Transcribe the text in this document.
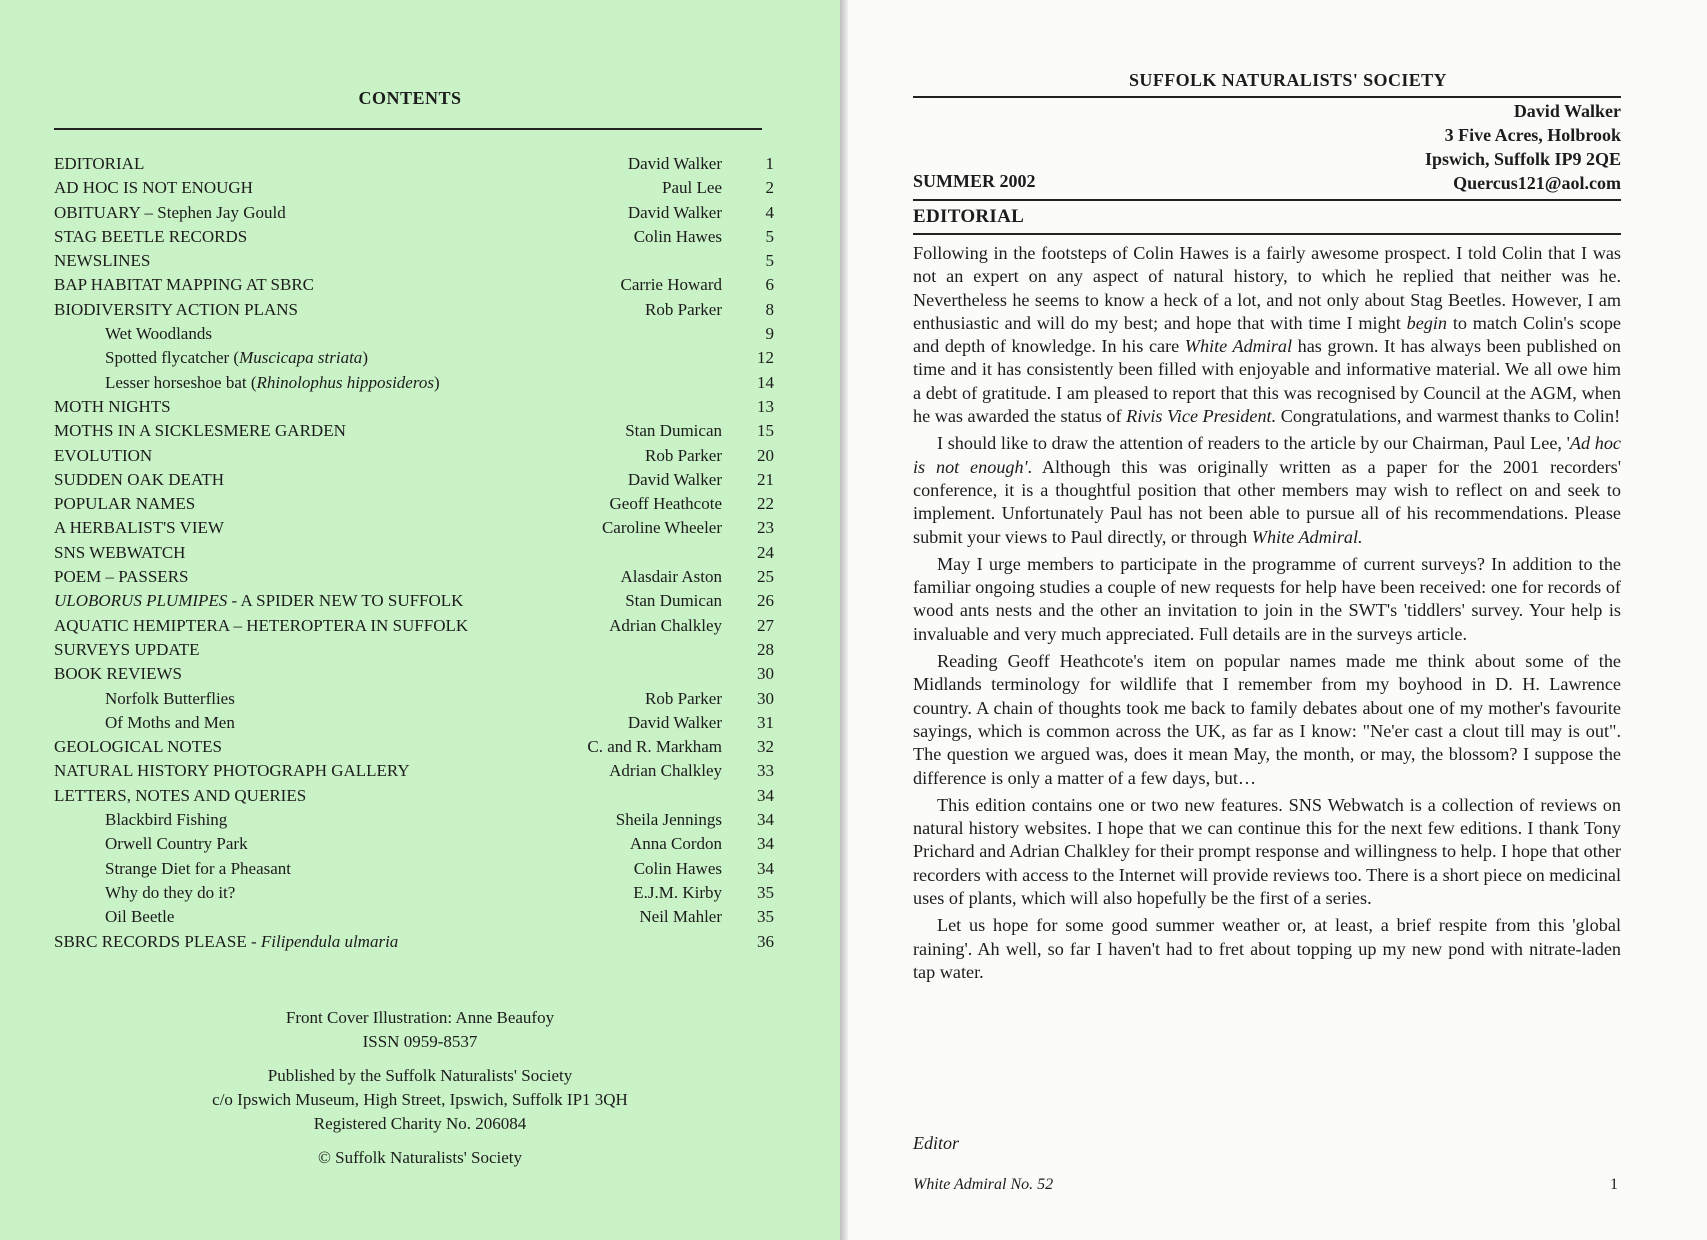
CONTENTS
EDITORIAL	David Walker	1
AD HOC IS NOT ENOUGH	Paul Lee	2
OBITUARY – Stephen Jay Gould	David Walker	4
STAG BEETLE RECORDS	Colin Hawes	5
NEWSLINES	5
BAP HABITAT MAPPING AT SBRC	Carrie Howard	6
BIODIVERSITY ACTION PLANS	Rob Parker	8
Wet Woodlands	9
Spotted flycatcher (Muscicapa striata)	12
Lesser horseshoe bat (Rhinolophus hipposideros)	14
MOTH NIGHTS	13
MOTHS IN A SICKLESMERE GARDEN	Stan Dumican	15
EVOLUTION	Rob Parker	20
SUDDEN OAK DEATH	David Walker	21
POPULAR NAMES	Geoff Heathcote	22
A HERBALIST'S VIEW	Caroline Wheeler	23
SNS WEBWATCH	24
POEM – PASSERS	Alasdair Aston	25
ULOBORUS PLUMIPES - A SPIDER NEW TO SUFFOLK	Stan Dumican	26
AQUATIC HEMIPTERA – HETEROPTERA IN SUFFOLK	Adrian Chalkley	27
SURVEYS UPDATE	28
BOOK REVIEWS	30
Norfolk Butterflies	Rob Parker	30
Of Moths and Men	David Walker	31
GEOLOGICAL NOTES	C. and R. Markham	32
NATURAL HISTORY PHOTOGRAPH GALLERY	Adrian Chalkley	33
LETTERS, NOTES AND QUERIES	34
Blackbird Fishing	Sheila Jennings	34
Orwell Country Park	Anna Cordon	34
Strange Diet for a Pheasant	Colin Hawes	34
Why do they do it?	E.J.M. Kirby	35
Oil Beetle	Neil Mahler	35
SBRC RECORDS PLEASE - Filipendula ulmaria	36
Front Cover Illustration: Anne Beaufoy
ISSN 0959-8537
Published by the Suffolk Naturalists' Society
c/o Ipswich Museum, High Street, Ipswich, Suffolk IP1 3QH
Registered Charity No. 206084
© Suffolk Naturalists' Society
SUFFOLK NATURALISTS' SOCIETY
David Walker
3 Five Acres, Holbrook
Ipswich, Suffolk IP9 2QE
Quercus121@aol.com
SUMMER 2002
EDITORIAL

Following in the footsteps of Colin Hawes is a fairly awesome prospect. I told Colin that I was not an expert on any aspect of natural history, to which he replied that neither was he. Nevertheless he seems to know a heck of a lot, and not only about Stag Beetles. However, I am enthusiastic and will do my best; and hope that with time I might begin to match Colin's scope and depth of knowledge. In his care White Admiral has grown. It has always been published on time and it has consistently been filled with enjoyable and informative material. We all owe him a debt of gratitude. I am pleased to report that this was recognised by Council at the AGM, when he was awarded the status of Rivis Vice President. Congratulations, and warmest thanks to Colin!

I should like to draw the attention of readers to the article by our Chairman, Paul Lee, 'Ad hoc is not enough'. Although this was originally written as a paper for the 2001 recorders' conference, it is a thoughtful position that other members may wish to reflect on and seek to implement. Unfortunately Paul has not been able to pursue all of his recommendations. Please submit your views to Paul directly, or through White Admiral.

May I urge members to participate in the programme of current surveys? In addition to the familiar ongoing studies a couple of new requests for help have been received: one for records of wood ants nests and the other an invitation to join in the SWT's 'tiddlers' survey. Your help is invaluable and very much appreciated. Full details are in the surveys article.

Reading Geoff Heathcote's item on popular names made me think about some of the Midlands terminology for wildlife that I remember from my boyhood in D. H. Lawrence country. A chain of thoughts took me back to family debates about one of my mother's favourite sayings, which is common across the UK, as far as I know: "Ne'er cast a clout till may is out". The question we argued was, does it mean May, the month, or may, the blossom? I suppose the difference is only a matter of a few days, but…

This edition contains one or two new features. SNS Webwatch is a collection of reviews on natural history websites. I hope that we can continue this for the next few editions. I thank Tony Prichard and Adrian Chalkley for their prompt response and willingness to help. I hope that other recorders with access to the Internet will provide reviews too. There is a short piece on medicinal uses of plants, which will also hopefully be the first of a series.

Let us hope for some good summer weather or, at least, a brief respite from this 'global raining'. Ah well, so far I haven't had to fret about topping up my new pond with nitrate-laden tap water.

Editor
White Admiral No. 52	1
